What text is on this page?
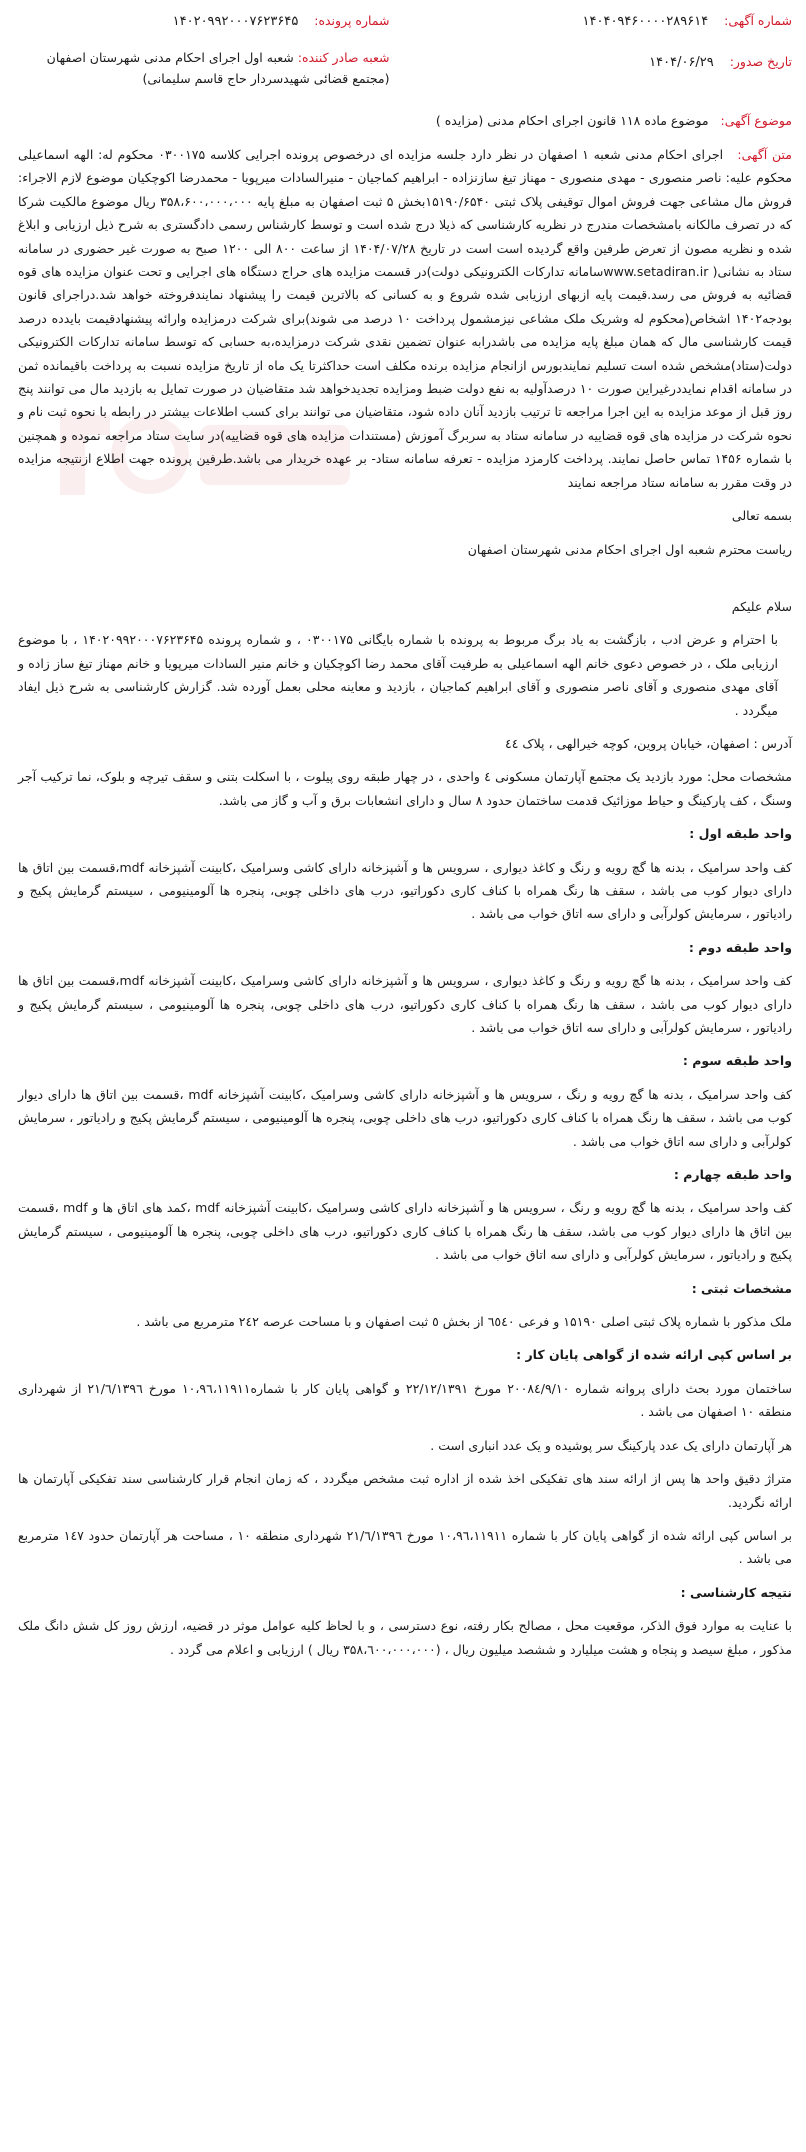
شماره آگهی:    ۱۴۰۴۰۹۴۶۰۰۰۰۲۸۹۶۱۴
تاریخ صدور:    ۱۴۰۴/۰۶/۲۹
شماره پرونده:    ۱۴۰۲۰۹۹۲۰۰۰۷۶۲۳۶۴۵
شعبه صادر کننده: شعبه اول اجرای احکام مدنی شهرستان اصفهان (مجتمع قضائی شهیدسردار حاج قاسم سلیمانی)
موضوع آگهی:   موضوع ماده ۱۱۸ قانون اجرای احکام مدنی (مزایده )
متن آگهی:   اجرای احکام مدنی شعبه ۱ اصفهان در نظر دارد جلسه مزایده ای درخصوص پرونده اجرایی کلاسه ۰۳۰۰۱۷۵ محکوم له: الهه اسماعیلی محکوم علیه: ناصر منصوری - مهدی منصوری - مهناز تیغ سازنزاده - ابراهیم کماجیان - منیرالسادات میرپویا - محمدرضا اکوچکیان موضوع لازم الاجراء: فروش مال مشاعی جهت فروش اموال توقیفی پلاک ثبتی ۱۵۱۹۰/۶۵۴۰بخش ۵ ثبت اصفهان به مبلغ پایه ۳۵۸،۶۰۰،۰۰۰،۰۰۰ ریال موضوع مالکیت شرکا که در تصرف مالکانه بامشخصات مندرج در نظریه کارشناسی که ذیلا درج شده است و توسط کارشناس رسمی دادگستری به شرح ذیل ارزیابی و ابلاغ شده و نظریه مصون از تعرض طرفین واقع گردیده است است در تاریخ ۱۴۰۴/۰۷/۲۸ از ساعت ۸۰۰ الی ۱۲۰۰ صبح به صورت غیر حضوری در سامانه ستاد به نشانی( www.setadiran.irسامانه تدارکات الکترونیکی دولت)در قسمت مزایده های حراج دستگاه های اجرایی و تحت عنوان مزایده های قوه قضائیه به فروش می رسد.قیمت پایه ازبهای ارزیابی شده شروع و به کسانی که بالاترین قیمت را پیشنهاد نمایندفروخته خواهد شد.دراجرای قانون بودجه۱۴۰۲ اشخاص(محکوم له وشریک ملک مشاعی نیزمشمول پرداخت ۱۰ درصد می شوند)برای شرکت درمزایده وارائه پیشنهادقیمت بایدده درصد قیمت کارشناسی مال که همان مبلغ پایه مزایده می باشدرابه عنوان تضمین نقدی شرکت درمزایده،به حسابی که توسط سامانه تدارکات الکترونیکی دولت(ستاد)مشخص شده است تسلیم نمایندبورس ازانجام مزایده برنده مکلف است حداکثرتا یک ماه از تاریخ مزایده نسبت به پرداخت باقیمانده ثمن در سامانه اقدام نمایددرغیراین صورت ۱۰ درصدآولیه به نفع دولت ضبط ومزایده تجدیدخواهد شد متقاضیان در صورت تمایل به بازدید مال می توانند پنج روز قبل از موعد مزایده به این اجرا مراجعه تا ترتیب بازدید آنان داده شود، متقاضیان می توانند برای کسب اطلاعات بیشتر در رابطه با نحوه ثبت نام و نحوه شرکت در مزایده های قوه قضاییه در سامانه ستاد به سربرگ آموزش (مستندات مزایده های قوه قضاییه)در سایت ستاد مراجعه نموده و همچنین با شماره ۱۴۵۶ تماس حاصل نمایند. پرداخت کارمزد مزایده - تعرفه سامانه ستاد- بر عهده خریدار می باشد.طرفین پرونده جهت اطلاع ازنتیجه مزایده در وقت مقرر به سامانه ستاد مراجعه نمایند

بسمه تعالی

ریاست محترم شعبه اول اجرای احکام مدنی شهرستان اصفهان

سلام علیکم

با احترام و عرض ادب ، بازگشت به یاد برگ مربوط به پرونده با شماره بایگانی ۰۳۰۰۱۷۵ ، و شماره پرونده ۱۴۰۲۰۹۹۲۰۰۰۷۶۲۳۶۴۵ ، با موضوع ارزیابی ملک ، در خصوص دعوی خانم الهه اسماعیلی به طرفیت آقای محمد رضا اکوچکیان و خانم منیر السادات میرپویا و خانم مهناز تیغ ساز زاده و آقای مهدی منصوری و آقای ناصر منصوری و آقای ابراهیم کماجیان ، بازدید و معاینه محلی بعمل آورده شد. گزارش کارشناسی به شرح ذیل ایفاد میگردد .

آدرس : اصفهان، خیابان پروین، کوچه خیرالهی ، پلاک ٤٤

مشخصات محل: مورد بازدید یک مجتمع آپارتمان مسکونی ٤ واحدی ، در چهار طبقه روی پیلوت ، با اسکلت بتنی و سقف تیرچه و بلوک، نما ترکیب آجر وسنگ ، کف پارکینگ و حیاط موزائیک قدمت ساختمان حدود ۸ سال و دارای انشعابات برق و آب و گاز می باشد.

واحد طبقه اول :

کف واحد سرامیک ، بدنه ها گچ رویه و رنگ و کاغذ دیواری ، سرویس ها و آشپزخانه دارای کاشی وسرامیک ،کابینت آشپزخانه mdf،قسمت بین اتاق ها دارای دیوار کوب می باشد ، سقف ها رنگ همراه با کناف کاری دکوراتیو، درب های داخلی چوبی، پنجره ها آلومینیومی ، سیستم گرمایش پکیج و رادیاتور ، سرمایش کولرآبی و دارای سه اتاق خواب می باشد .

واحد طبقه دوم :

کف واحد سرامیک ، بدنه ها گچ رویه و رنگ و کاغذ دیواری ، سرویس ها و آشپزخانه دارای کاشی وسرامیک ،کابینت آشپزخانه mdf،قسمت بین اتاق ها دارای دیوار کوب می باشد ، سقف ها رنگ همراه با کناف کاری دکوراتیو، درب های داخلی چوبی، پنجره ها آلومینیومی ، سیستم گرمایش پکیج و رادیاتور ، سرمایش کولرآبی و دارای سه اتاق خواب می باشد .

واحد طبقه سوم :

کف واحد سرامیک ، بدنه ها گچ رویه و رنگ ، سرویس ها و آشپزخانه دارای کاشی وسرامیک ،کابینت آشپزخانه mdf ،قسمت بین اتاق ها دارای دیوار کوب می باشد ، سقف ها رنگ همراه با کناف کاری دکوراتیو، درب های داخلی چوبی، پنجره ها آلومینیومی ، سیستم گرمایش پکیج و رادیاتور ، سرمایش کولرآبی و دارای سه اتاق خواب می باشد .

واحد طبقه چهارم :

کف واحد سرامیک ، بدنه ها گچ رویه و رنگ ، سرویس ها و آشپزخانه دارای کاشی وسرامیک ،کابینت آشپزخانه mdf ،کمد های اتاق ها و mdf ،قسمت بین اتاق ها دارای دیوار کوب می باشد، سقف ها رنگ همراه با کناف کاری دکوراتیو، درب های داخلی چوبی، پنجره ها آلومینیومی ، سیستم گرمایش پکیج و رادیاتور ، سرمایش کولرآبی و دارای سه اتاق خواب می باشد .

مشخصات ثبتی :

ملک مذکور با شماره پلاک ثبتی اصلی ۱۵۱۹۰ و فرعی ٦٥٤٠ از بخش ٥ ثبت اصفهان و با مساحت عرصه ۲٤۲ مترمربع می باشد .

بر اساس کپی ارائه شده از گواهی پایان کار :

ساختمان مورد بحث دارای پروانه شماره ۲۰۰۸٤/۹/۱۰ مورخ ۲۲/۱۲/۱۳۹۱ و گواهی پایان کار با شماره۱۰،۹٦،۱۱۹۱۱ مورخ ۲۱/٦/۱۳۹٦ از شهرداری منطقه ۱۰ اصفهان می باشد .

هر آپارتمان دارای یک عدد پارکینگ سر پوشیده و یک عدد انباری است .

متراژ دقیق واحد ها پس از ارائه سند های تفکیکی اخذ شده از اداره ثبت مشخص میگردد ، که زمان انجام قرار کارشناسی سند تفکیکی آپارتمان ها ارائه نگردید.

بر اساس کپی ارائه شده از گواهی پایان کار با شماره ۱۰،۹٦،۱۱۹۱۱ مورخ ۲۱/٦/۱۳۹٦ شهرداری منطقه ۱۰ ، مساحت هر آپارتمان حدود ۱٤۷ مترمربع می باشد .

نتیجه کارشناسی :

با عنایت به موارد فوق الذکر، موقعیت محل ، مصالح بکار رفته، نوع دسترسی ، و با لحاظ کلیه عوامل موثر در قضیه، ارزش روز کل شش دانگ ملک مذکور ، مبلغ سیصد و پنجاه و هشت میلیارد و ششصد میلیون ریال ، (۳۵۸،٦۰۰،۰۰۰،۰۰۰ ریال ) ارزیابی و اعلام می گردد .
